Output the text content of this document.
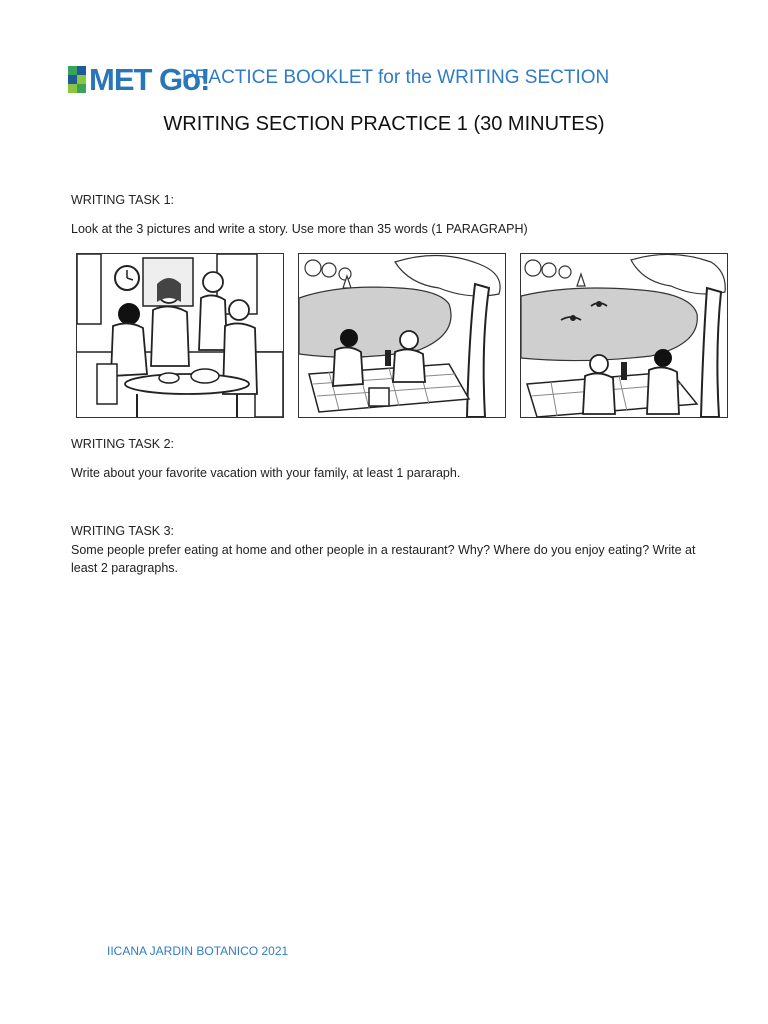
MET Go!
PRACTICE BOOKLET for the WRITING SECTION
WRITING SECTION PRACTICE 1 (30 MINUTES)
WRITING TASK 1:
Look at the 3 pictures and write a story. Use more than 35 words (1 PARAGRAPH)
WRITING TASK 2:
Write about your favorite vacation with your family, at least 1 pararaph.
WRITING TASK 3:
Some people prefer eating at home and other people in a restaurant? Why? Where do you enjoy eating? Write at
least 2 paragraphs.
IICANA JARDIN BOTANICO 2021
